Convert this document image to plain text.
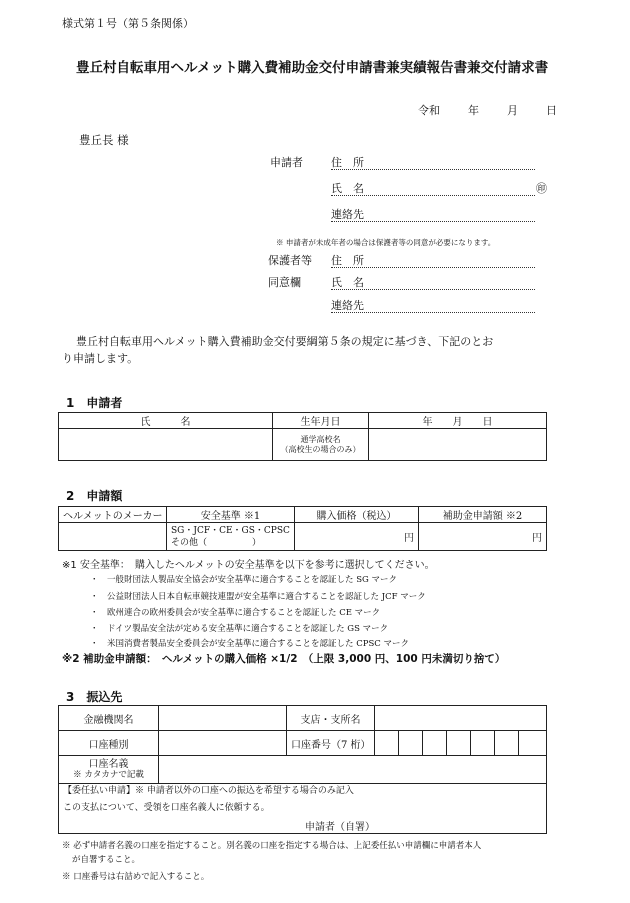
様式第１号（第５条関係）
豊丘村自転車用ヘルメット購入費補助金交付申請書兼実績報告書兼交付請求書
令和	年	月	日
豊丘長 様
申請者	住　所
氏　名	㊞
連絡先
※ 申請者が未成年者の場合は保護者等の同意が必要になります。
保護者等 住　所
同意欄	氏　名
連絡先
豊丘村自転車用ヘルメット購入費補助金交付要綱第５条の規定に基づき、下記のとお
り申請します。
1　申請者
氏　　　名	生年月日	年　　月　　日

	通学高校名
（高校生の場合のみ）	

2　申請額
ヘルメットのメーカー	安全基準 ※1	購入価格（税込）	補助金申請額 ※2

	SG・JCF・CE・GS・CPSC
その他（　　　　　）	円	円
※1 安全基準：　購入したヘルメットの安全基準を以下を参考に選択してください。
・　一般財団法人製品安全協会が安全基準に適合することを認証した SG マーク
・　公益財団法人日本自転車競技連盟が安全基準に適合することを認証した JCF マーク
・　欧州連合の欧州委員会が安全基準に適合することを認証した CE マーク
・　ドイツ製品安全法が定める安全基準に適合することを認証した GS マーク
・　米国消費者製品安全委員会が安全基準に適合することを認証した CPSC マーク
※2 補助金申請額：　ヘルメットの購入価格 ×1/2　（上限 3,000 円、100 円未満切り捨て）
3　振込先
金融機関名		支店・支所名							
口座種別		口座番号（7 桁）							

口座名義
※ カタカナで記載									

【委任払い申請】※ 申請者以外の口座への振込を希望する場合のみ記入
この支払について、受領を口座名義人に依頼する。
申請者（自署）									
※ 必ず申請者名義の口座を指定すること。別名義の口座を指定する場合は、上記委任払い申請欄に申請者本人
が自署すること。
※ 口座番号は右詰めで記入すること。
